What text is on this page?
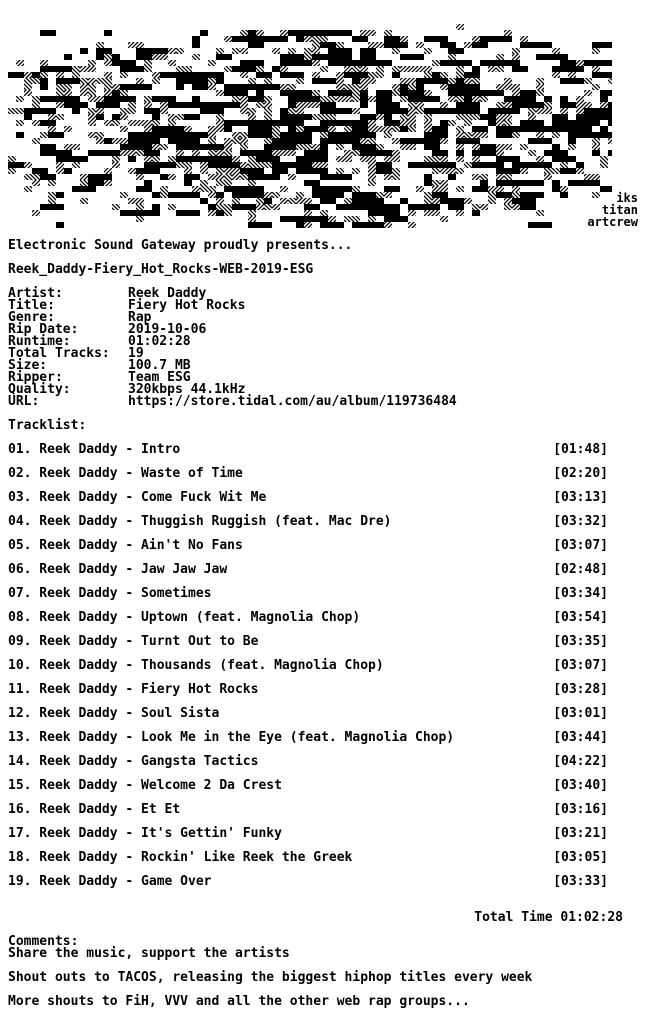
iks
titan
artcrew
Electronic Sound Gateway proudly presents...
Reek_Daddy-Fiery_Hot_Rocks-WEB-2019-ESG
Artist:	Reek Daddy
Title:	Fiery Hot Rocks
Genre:	Rap
Rip Date:	2019-10-06
Runtime:	01:02:28
Total Tracks: 19
Size:	100.7 MB
Ripper:	Team ESG
Quality:	320kbps 44.1kHz
URL:	https://store.tidal.com/au/album/119736484
Tracklist:
01. Reek Daddy - Intro	[01:48]
02. Reek Daddy - Waste of Time	[02:20]
03. Reek Daddy - Come Fuck Wit Me	[03:13]
04. Reek Daddy - Thuggish Ruggish (feat. Mac Dre)	[03:32]
05. Reek Daddy - Ain't No Fans	[03:07]
06. Reek Daddy - Jaw Jaw Jaw	[02:48]
07. Reek Daddy - Sometimes	[03:34]
08. Reek Daddy - Uptown (feat. Magnolia Chop)	[03:54]
09. Reek Daddy - Turnt Out to Be	[03:35]
10. Reek Daddy - Thousands (feat. Magnolia Chop)	[03:07]
11. Reek Daddy - Fiery Hot Rocks	[03:28]
12. Reek Daddy - Soul Sista	[03:01]
13. Reek Daddy - Look Me in the Eye (feat. Magnolia Chop)	[03:44]
14. Reek Daddy - Gangsta Tactics	[04:22]
15. Reek Daddy - Welcome 2 Da Crest	[03:40]
16. Reek Daddy - Et Et	[03:16]
17. Reek Daddy - It's Gettin' Funky	[03:21]
18. Reek Daddy - Rockin' Like Reek the Greek	[03:05]
19. Reek Daddy - Game Over	[03:33]
Total Time 01:02:28
Comments:
Share the music, support the artists
Shout outs to TACOS, releasing the biggest hiphop titles every week
More shouts to FiH, VVV and all the other web rap groups...
